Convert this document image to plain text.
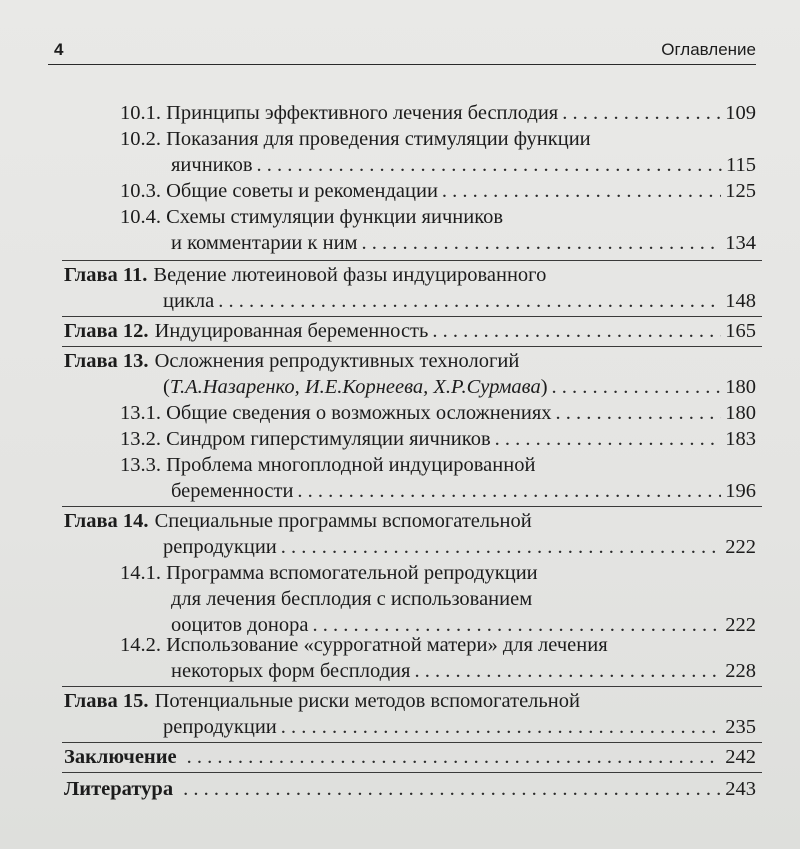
4	Оглавление
10.1. Принципы эффективного лечения бесплодия . . .	109
10.2. Показания для проведения стимуляции функции
яичников . . .	115
10.3. Общие советы и рекомендации . . .	125
10.4. Схемы стимуляции функции яичников
и комментарии к ним . . .	134
Глава 11. Ведение лютеиновой фазы индуцированного
цикла . . .	148
Глава 12. Индуцированная беременность . . .	165
Глава 13. Осложнения репродуктивных технологий
(Т.А.Назаренко, И.Е.Корнеева, Х.Р.Сурмава) . . .	180
13.1. Общие сведения о возможных осложнениях . . .	180
13.2. Синдром гиперстимуляции яичников . . .	183
13.3. Проблема многоплодной индуцированной
беременности . . .	196
Глава 14. Специальные программы вспомогательной
репродукции . . .	222
14.1. Программа вспомогательной репродукции
для лечения бесплодия с использованием
ооцитов донора . . .	222
14.2. Использование «суррогатной матери» для лечения
некоторых форм бесплодия . . .	228
Глава 15. Потенциальные риски методов вспомогательной
репродукции . . .	235
Заключение . . .	242
Литература . . .	243
